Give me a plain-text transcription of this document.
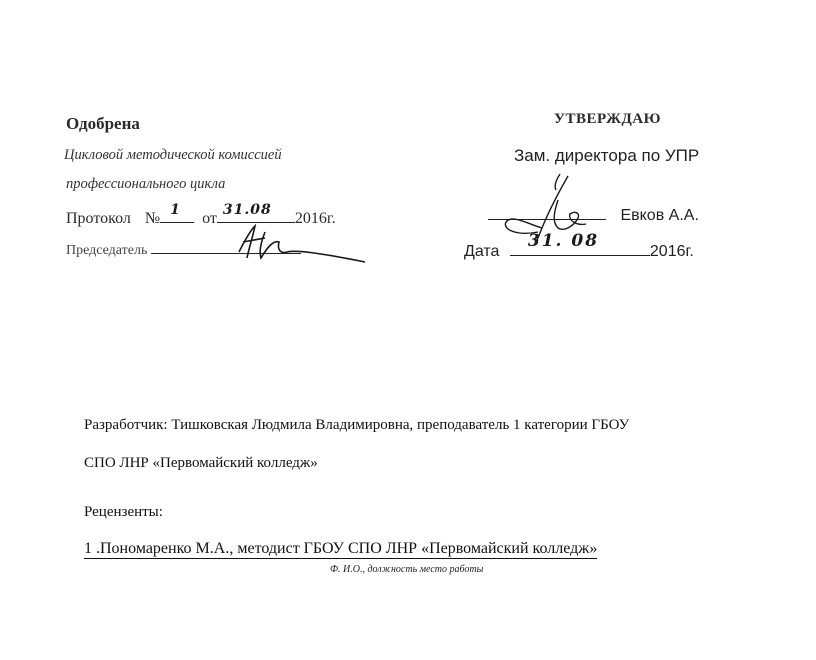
Одобрена
Цикловой методической комиссией
профессионального цикла
Протокол № 1 от 31.08 2016г.
Председатель
УТВЕРЖДАЮ
Зам. директора по УПР
Евков А.А.
Дата
31. 08
2016г.
Разработчик: Тишковская Людмила Владимировна, преподаватель 1 категории ГБОУ
СПО ЛНР «Первомайский колледж»
Рецензенты:
1 .Пономаренко М.А., методист ГБОУ СПО ЛНР «Первомайский колледж»
Ф. И.О., должность место работы
